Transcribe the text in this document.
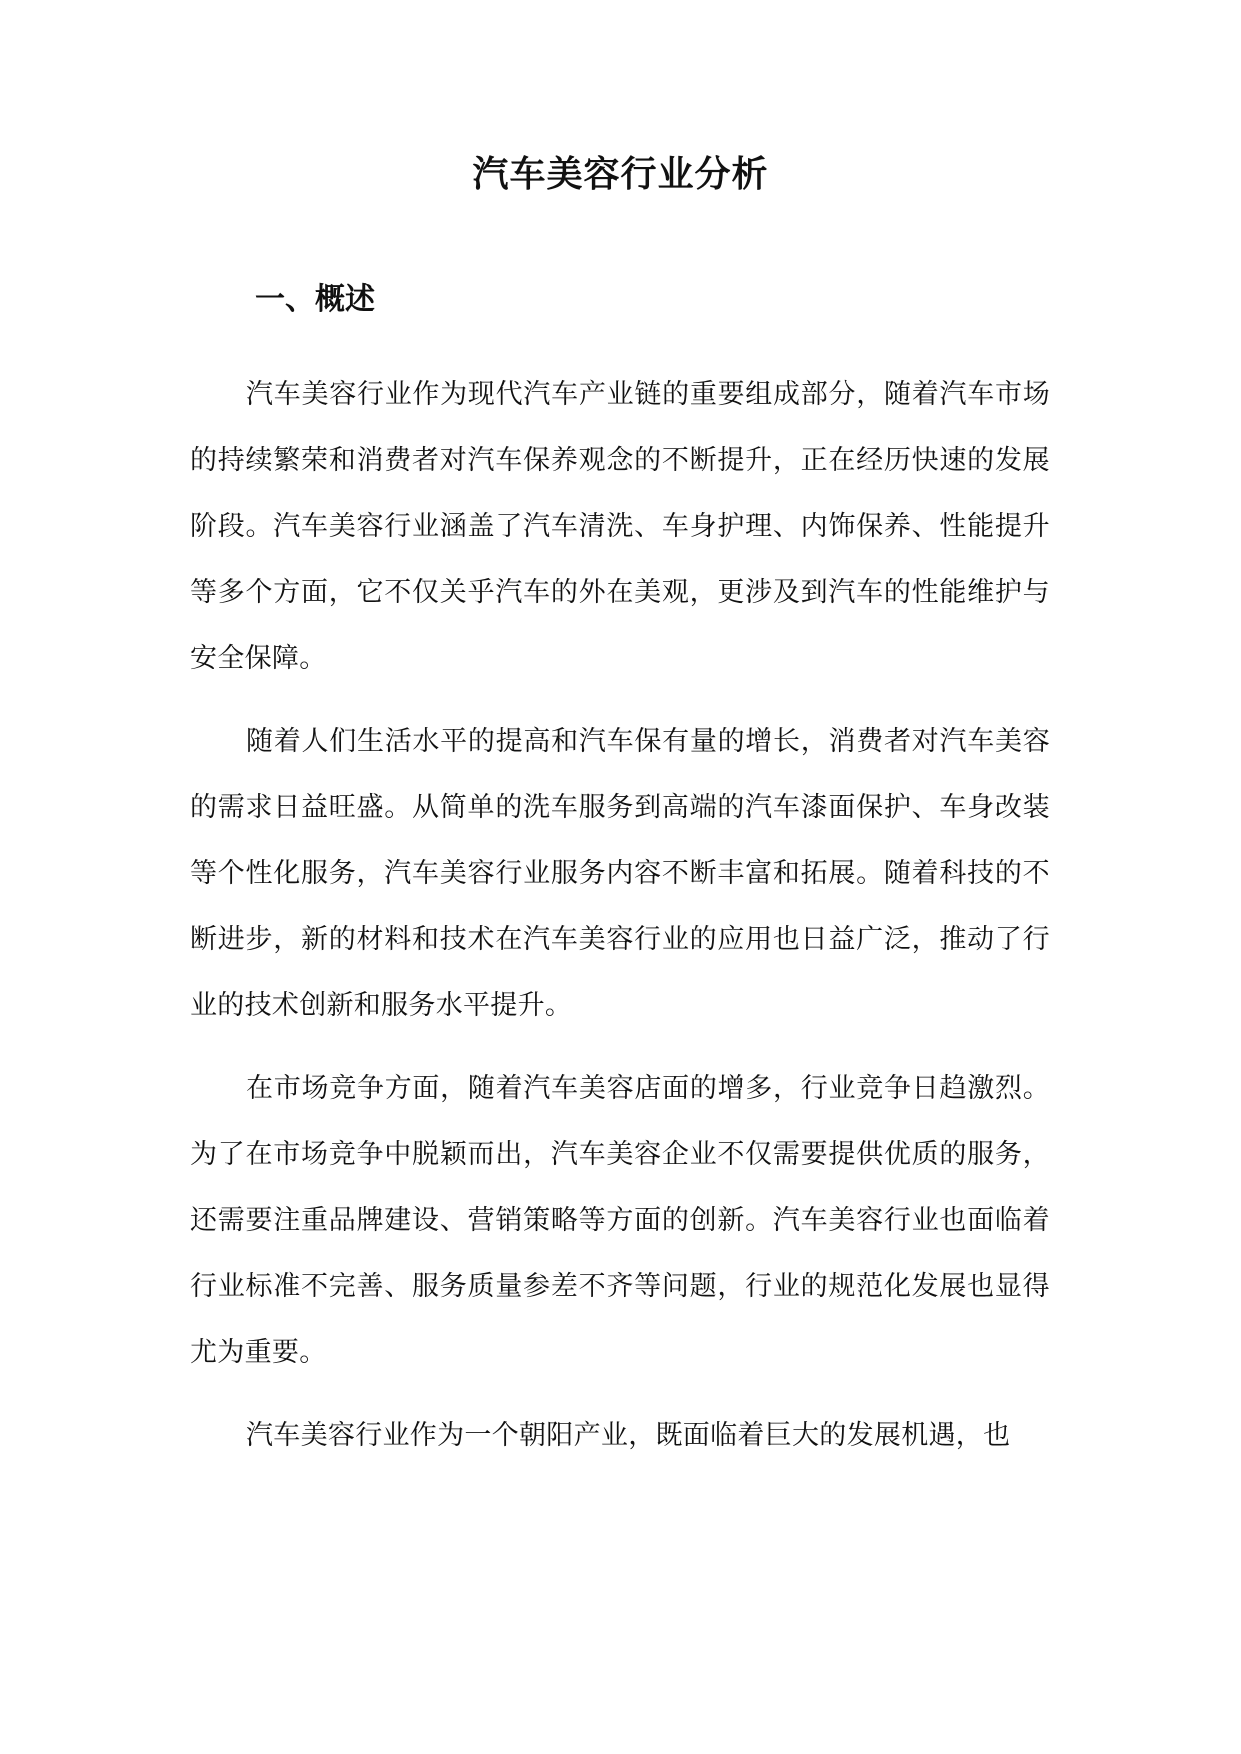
汽车美容行业分析
一、概述

汽车美容行业作为现代汽车产业链的重要组成部分，随着汽车市场的持续繁荣和消费者对汽车保养观念的不断提升，正在经历快速的发展阶段。汽车美容行业涵盖了汽车清洗、车身护理、内饰保养、性能提升等多个方面，它不仅关乎汽车的外在美观，更涉及到汽车的性能维护与安全保障。

随着人们生活水平的提高和汽车保有量的增长，消费者对汽车美容的需求日益旺盛。从简单的洗车服务到高端的汽车漆面保护、车身改装等个性化服务，汽车美容行业服务内容不断丰富和拓展。随着科技的不断进步，新的材料和技术在汽车美容行业的应用也日益广泛，推动了行业的技术创新和服务水平提升。

在市场竞争方面，随着汽车美容店面的增多，行业竞争日趋激烈。为了在市场竞争中脱颖而出，汽车美容企业不仅需要提供优质的服务，还需要注重品牌建设、营销策略等方面的创新。汽车美容行业也面临着行业标准不完善、服务质量参差不齐等问题，行业的规范化发展也显得尤为重要。

汽车美容行业作为一个朝阳产业，既面临着巨大的发展机遇，也
